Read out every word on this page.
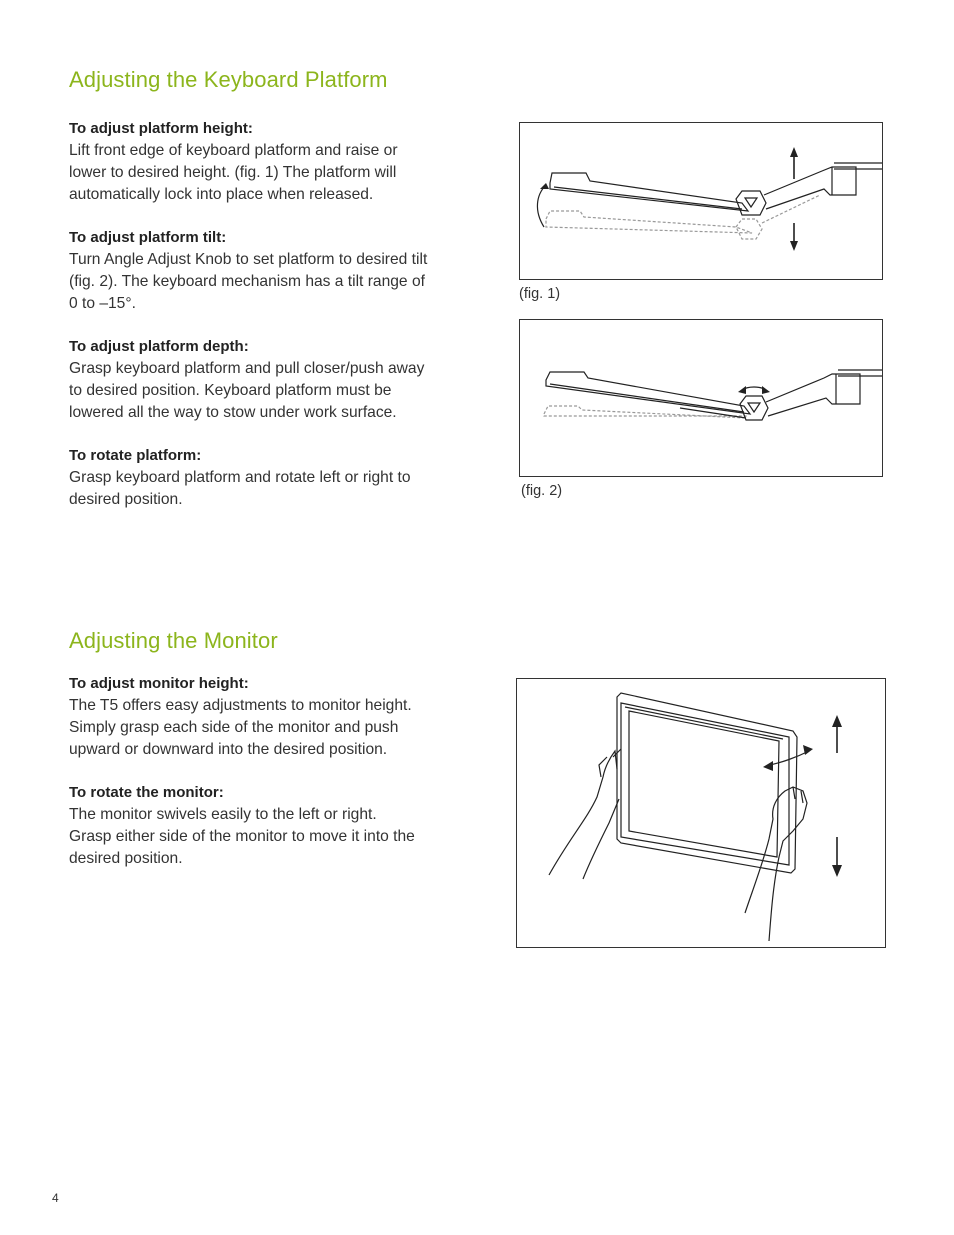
Adjusting the Keyboard Platform
To adjust platform height:
Lift front edge of keyboard platform and raise or
lower to desired height. (fig. 1) The platform will
automatically lock into place when released.
To adjust platform tilt:
Turn Angle Adjust Knob to set platform to desired tilt
(fig. 2). The keyboard mechanism has a tilt range of
0 to –15°.
To adjust platform depth:
Grasp keyboard platform and pull closer/push away
to desired position. Keyboard platform must be
lowered all the way to stow under work surface.
To rotate platform:
Grasp keyboard platform and rotate left or right to
desired position.
(fig. 1)
(fig. 2)
Adjusting the Monitor
To adjust monitor height:
The T5 offers easy adjustments to monitor height.
Simply grasp each side of the monitor and push
upward or downward into the desired position.
To rotate the monitor:
The monitor swivels easily to the left or right.
Grasp either side of the monitor to move it into the
desired position.
4
